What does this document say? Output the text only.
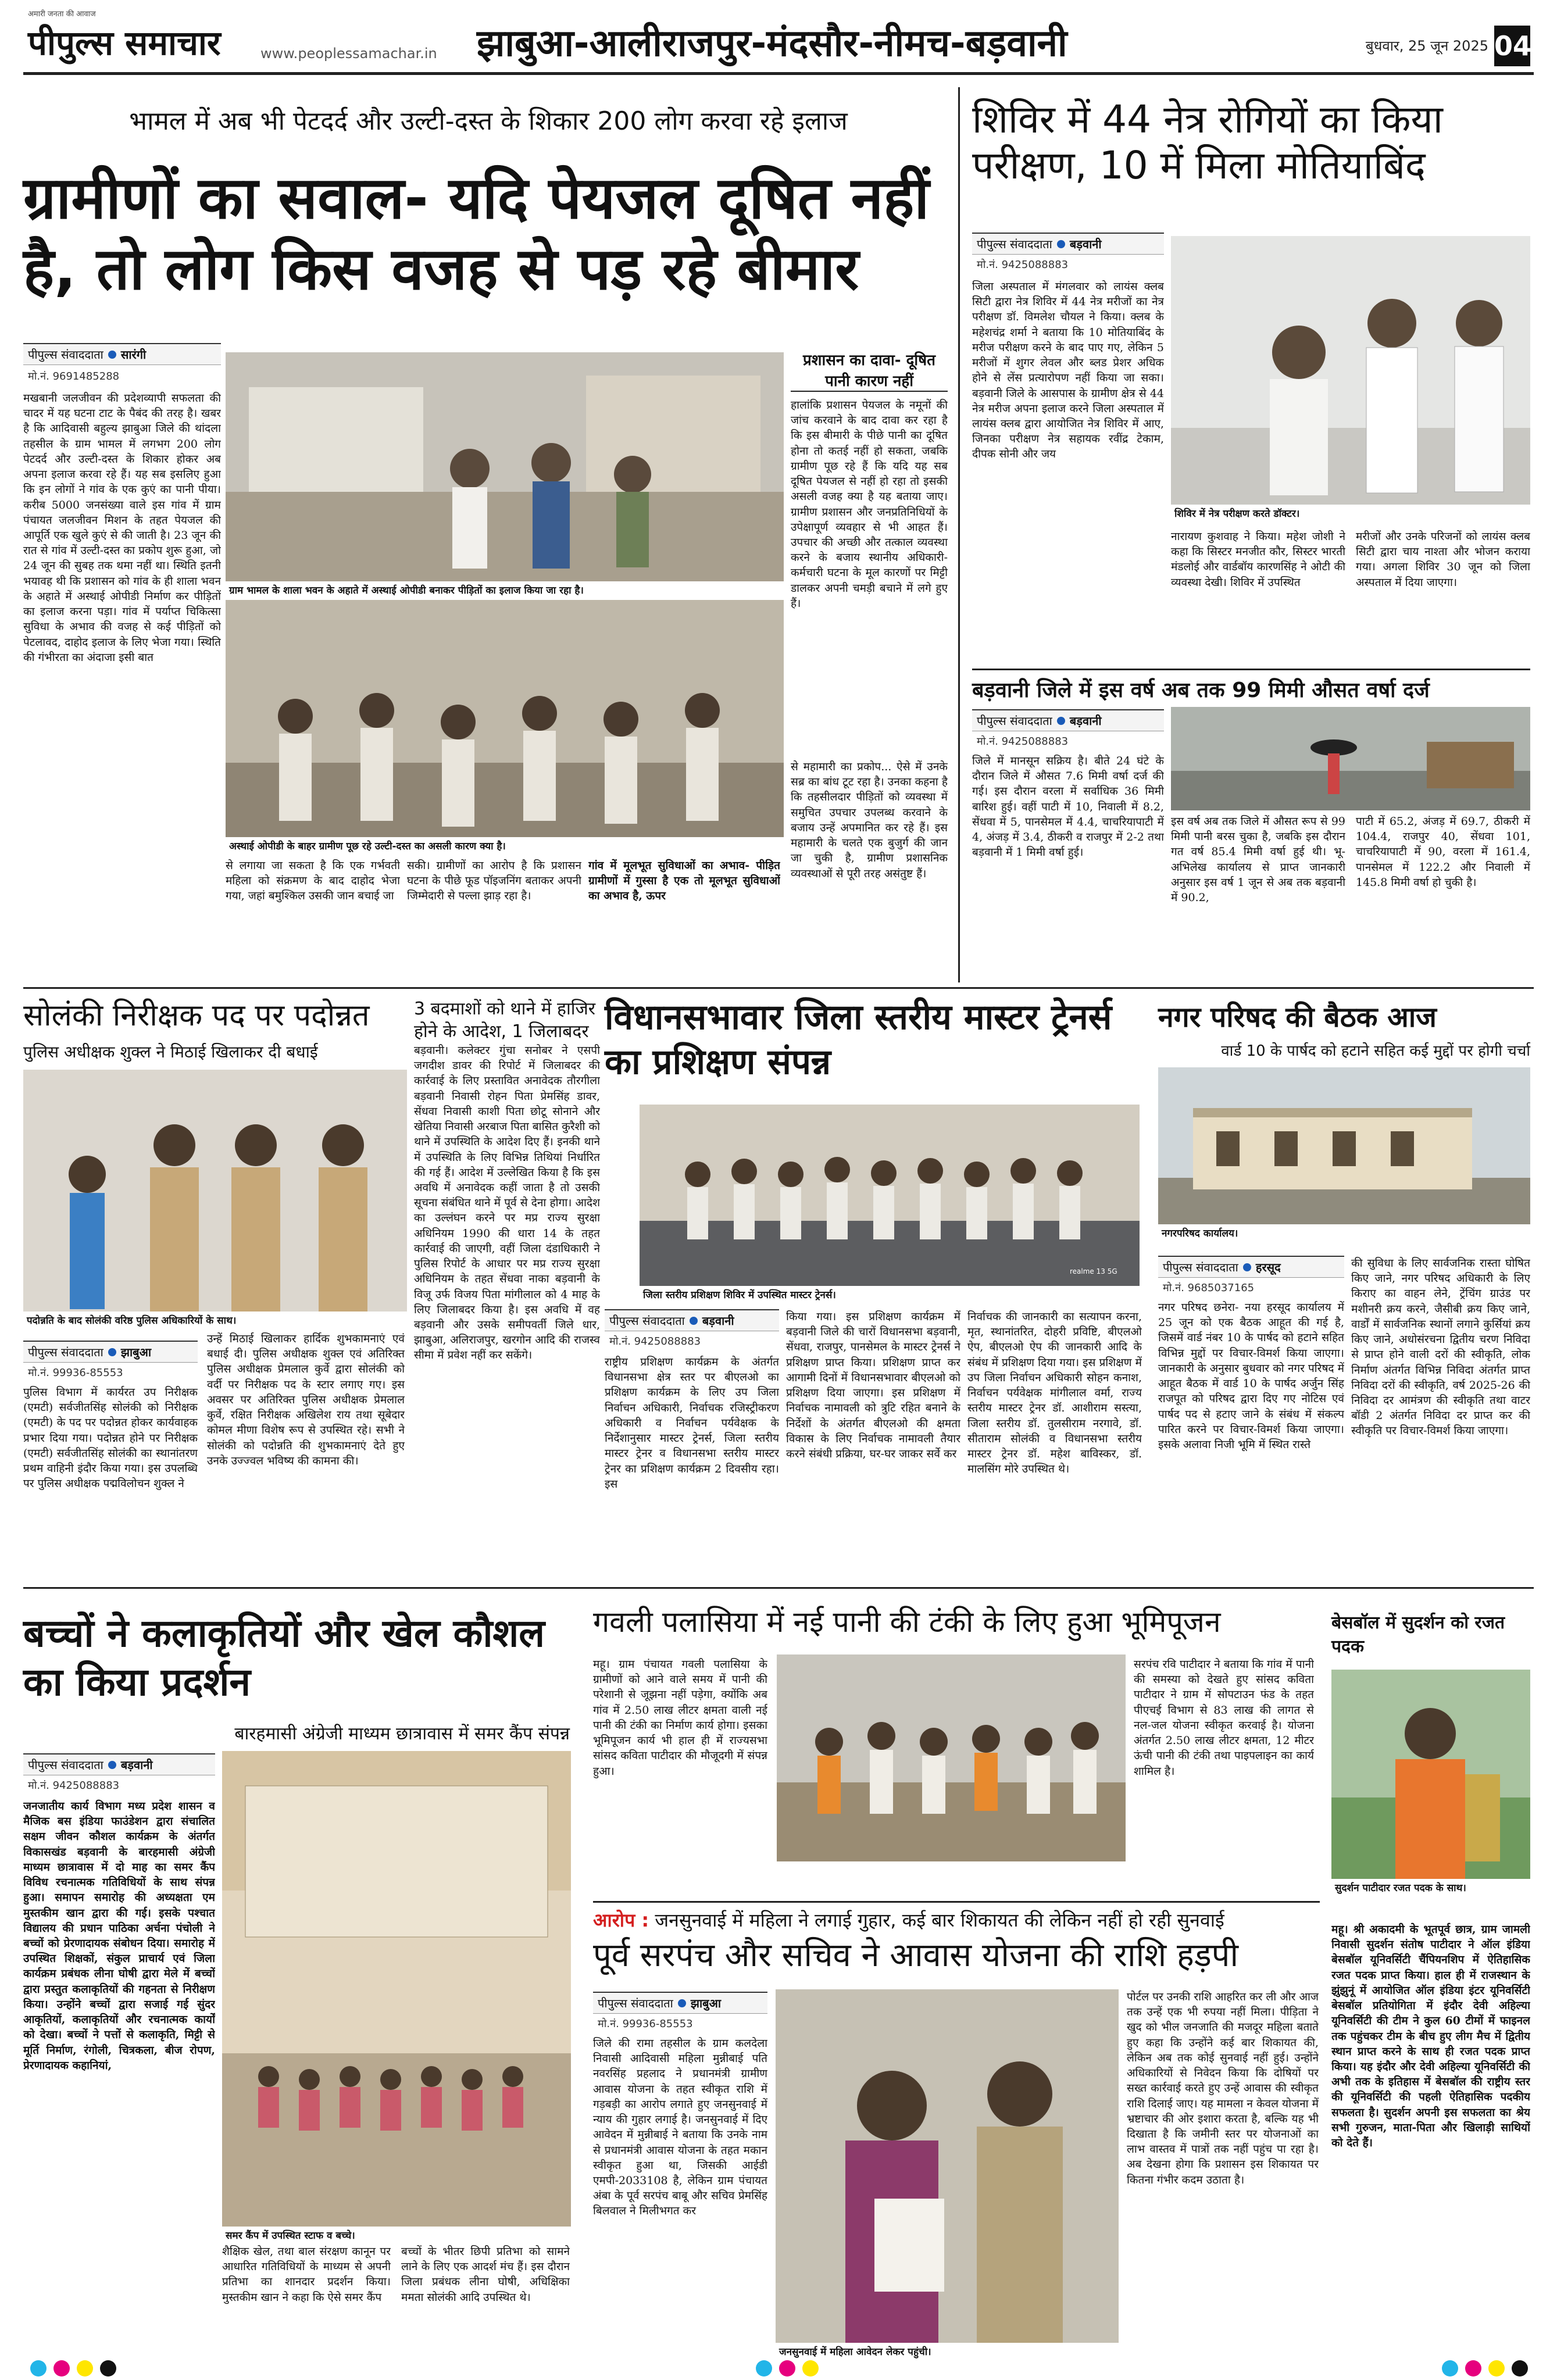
अमारी जनता की आवाज
पीपुल्स समाचार	www.peoplessamachar.in झाबुआ-आलीराजपुर-मंदसौर-नीमच-बड़वानी	बुधवार, 25 जून 2025 04
भामल में अब भी पेटदर्द और उल्टी-दस्त के शिकार 200 लोग करवा रहे इलाज
ग्रामीणों का सवाल- यदि पेयजल दूषित नहीं है, तो लोग किस वजह से पड़ रहे बीमार
पीपुल्स संवाददाता सारंगी
मो.नं. 9691485288
मखबानी जलजीवन की प्रदेशव्यापी सफलता की चादर में यह घटना टाट के पैबंद की तरह है। खबर है कि आदिवासी बहुल्य झाबुआ जिले की थांदला तहसील के ग्राम भामल में लगभग 200 लोग पेटदर्द और उल्टी-दस्त के शिकार होकर अब अपना इलाज करवा रहे हैं। यह सब इसलिए हुआ कि इन लोगों ने गांव के एक कुएं का पानी पीया। करीब 5000 जनसंख्या वाले इस गांव में ग्राम पंचायत जलजीवन मिशन के तहत पेयजल की आपूर्ति एक खुले कुएं से की जाती है। 23 जून की रात से गांव में उल्टी-दस्त का प्रकोप शुरू हुआ, जो 24 जून की सुबह तक थमा नहीं था। स्थिति इतनी भयावह थी कि प्रशासन को गांव के ही शाला भवन के अहाते में अस्थाई ओपीडी निर्माण कर पीड़ितों का इलाज करना पड़ा। गांव में पर्याप्त चिकित्सा सुविधा के अभाव की वजह से कई पीड़ितों को पेटलावद, दाहोद इलाज के लिए भेजा गया। स्थिति की गंभीरता का अंदाजा इसी बात
ग्राम भामल के शाला भवन के अहाते में अस्थाई ओपीडी बनाकर पीड़ितों का इलाज किया जा रहा है।
अस्थाई ओपीडी के बाहर ग्रामीण पूछ रहे उल्टी-दस्त का असली कारण क्या है।
से लगाया जा सकता है कि एक गर्भवती महिला को संक्रमण के बाद दाहोद भेजा गया, जहां बमुश्किल उसकी जान बचाई जा
सकी। ग्रामीणों का आरोप है कि प्रशासन घटना के पीछे फूड पॉइजनिंग बताकर अपनी जिम्मेदारी से पल्ला झाड़ रहा है।
गांव में मूलभूत सुविधाओं का अभाव- पीड़ित ग्रामीणों में गुस्सा है एक तो मूलभूत सुविधाओं का अभाव है, ऊपर
प्रशासन का दावा- दूषित पानी कारण नहीं
हालांकि प्रशासन पेयजल के नमूनों की जांच करवाने के बाद दावा कर रहा है कि इस बीमारी के पीछे पानी का दूषित होना तो कतई नहीं हो सकता, जबकि ग्रामीण पूछ रहे हैं कि यदि यह सब दूषित पेयजल से नहीं हो रहा तो इसकी असली वजह क्या है यह बताया जाए। ग्रामीण प्रशासन और जनप्रतिनिधियों के उपेक्षापूर्ण व्यवहार से भी आहत हैं। उपचार की अच्छी और तत्काल व्यवस्था करने के बजाय स्थानीय अधिकारी-कर्मचारी घटना के मूल कारणों पर मिट्टी डालकर अपनी चमड़ी बचाने में लगे हुए हैं।
से महामारी का प्रकोप... ऐसे में उनके सब्र का बांध टूट रहा है। उनका कहना है कि तहसीलदार पीड़ितों को व्यवस्था में समुचित उपचार उपलब्ध करवाने के बजाय उन्हें अपमानित कर रहे हैं। इस महामारी के चलते एक बुजुर्ग की जान जा चुकी है, ग्रामीण प्रशासनिक व्यवस्थाओं से पूरी तरह असंतुष्ट हैं।
शिविर में 44 नेत्र रोगियों का किया परीक्षण, 10 में मिला मोतियाबिंद
पीपुल्स संवाददाता बड़वानी
मो.नं. 9425088883
जिला अस्पताल में मंगलवार को लायंस क्लब सिटी द्वारा नेत्र शिविर में 44 नेत्र मरीजों का नेत्र परीक्षण डॉ. विमलेश चौयल ने किया। क्लब के महेशचंद्र शर्मा ने बताया कि 10 मोतियाबिंद के मरीज परीक्षण करने के बाद पाए गए, लेकिन 5 मरीजों में शुगर लेवल और ब्लड प्रेशर अधिक होने से लेंस प्रत्यारोपण नहीं किया जा सका। बड़वानी जिले के आसपास के ग्रामीण क्षेत्र से 44 नेत्र मरीज अपना इलाज करने जिला अस्पताल में लायंस क्लब द्वारा आयोजित नेत्र शिविर में आए, जिनका परीक्षण नेत्र सहायक रवींद्र टेकाम, दीपक सोनी और जय
शिविर में नेत्र परीक्षण करते डॉक्टर।
नारायण कुशवाह ने किया। महेश जोशी ने कहा कि सिस्टर मनजीत कौर, सिस्टर भारती मंडलोई और वार्डबॉय कारणसिंह ने ओटी की व्यवस्था देखी। शिविर में उपस्थित
मरीजों और उनके परिजनों को लायंस क्लब सिटी द्वारा चाय नाश्ता और भोजन कराया गया। अगला शिविर 30 जून को जिला अस्पताल में दिया जाएगा।
बड़वानी जिले में इस वर्ष अब तक 99 मिमी औसत वर्षा दर्ज
पीपुल्स संवाददाता बड़वानी
मो.नं. 9425088883
जिले में मानसून सक्रिय है। बीते 24 घंटे के दौरान जिले में औसत 7.6 मिमी वर्षा दर्ज की गई। इस दौरान वरला में सर्वाधिक 36 मिमी बारिश हुई। वहीं पाटी में 10, निवाली में 8.2, सेंधवा में 5, पानसेमल में 4.4, चाचरियापाटी में 4, अंजड़ में 3.4, ठीकरी व राजपुर में 2-2 तथा बड़वानी में 1 मिमी वर्षा हुई।
इस वर्ष अब तक जिले में औसत रूप से 99 मिमी पानी बरस चुका है, जबकि इस दौरान गत वर्ष 85.4 मिमी वर्षा हुई थी। भू-अभिलेख कार्यालय से प्राप्त जानकारी अनुसार इस वर्ष 1 जून से अब तक बड़वानी में 90.2,
पाटी में 65.2, अंजड़ में 69.7, ठीकरी में 104.4, राजपुर 40, सेंधवा 101, चाचरियापाटी में 90, वरला में 161.4, पानसेमल में 122.2 और निवाली में 145.8 मिमी वर्षा हो चुकी है।
सोलंकी निरीक्षक पद पर पदोन्नत
पुलिस अधीक्षक शुक्ल ने मिठाई खिलाकर दी बधाई
पदोन्नति के बाद सोलंकी वरिष्ठ पुलिस अधिकारियों के साथ।
पीपुल्स संवाददाता झाबुआ
मो.नं. 99936-85553
पुलिस विभाग में कार्यरत उप निरीक्षक (एमटी) सर्वजीतसिंह सोलंकी को निरीक्षक (एमटी) के पद पर पदोन्नत होकर कार्यवाहक प्रभार दिया गया। पदोन्नत होने पर निरीक्षक (एमटी) सर्वजीतसिंह सोलंकी का स्थानांतरण प्रथम वाहिनी इंदौर किया गया। इस उपलब्धि पर पुलिस अधीक्षक पद्मविलोचन शुक्ल ने
उन्हें मिठाई खिलाकर हार्दिक शुभकामनाएं एवं बधाई दी। पुलिस अधीक्षक शुक्ल एवं अतिरिक्त पुलिस अधीक्षक प्रेमलाल कुर्वे द्वारा सोलंकी को वर्दी पर निरीक्षक पद के स्टार लगाए गए। इस अवसर पर अतिरिक्त पुलिस अधीक्षक प्रेमलाल कुर्वे, रक्षित निरीक्षक अखिलेश राय तथा सूबेदार कोमल मीणा विशेष रूप से उपस्थित रहे। सभी ने सोलंकी को पदोन्नति की शुभकामनाएं देते हुए उनके उज्ज्वल भविष्य की कामना की।
3 बदमाशों को थाने में हाजिर होने के आदेश, 1 जिलाबदर
बड़वानी। कलेक्टर गुंचा सनोबर ने एसपी जगदीश डावर की रिपोर्ट में जिलाबदर की कार्रवाई के लिए प्रस्तावित अनावेदक तौरगीला बड़वानी निवासी रोहन पिता प्रेमसिंह डावर, सेंधवा निवासी काशी पिता छोटू सोनाने और खेतिया निवासी अरबाज पिता बासित कुरैशी को थाने में उपस्थिति के आदेश दिए हैं। इनकी थाने में उपस्थिति के लिए विभिन्न तिथियां निर्धारित की गई हैं। आदेश में उल्लेखित किया है कि इस अवधि में अनावेदक कहीं जाता है तो उसकी सूचना संबंधित थाने में पूर्व से देना होगा। आदेश का उल्लंघन करने पर मप्र राज्य सुरक्षा अधिनियम 1990 की धारा 14 के तहत कार्रवाई की जाएगी, वहीं जिला दंडाधिकारी ने पुलिस रिपोर्ट के आधार पर मप्र राज्य सुरक्षा अधिनियम के तहत सेंधवा नाका बड़वानी के विजू उर्फ विजय पिता मांगीलाल को 4 माह के लिए जिलाबदर किया है। इस अवधि में वह बड़वानी और उसके समीपवर्ती जिले धार, झाबुआ, अलिराजपुर, खरगोन आदि की राजस्व सीमा में प्रवेश नहीं कर सकेंगे।
विधानसभावार जिला स्तरीय मास्टर ट्रेनर्स का प्रशिक्षण संपन्न
realme 13 5G
जिला स्तरीय प्रशिक्षण शिविर में उपस्थित मास्टर ट्रेनर्स।
पीपुल्स संवाददाता बड़वानी
मो.नं. 9425088883
राष्ट्रीय प्रशिक्षण कार्यक्रम के अंतर्गत विधानसभा क्षेत्र स्तर पर बीएलओ का प्रशिक्षण कार्यक्रम के लिए उप जिला निर्वाचन अधिकारी, निर्वाचक रजिस्ट्रीकरण अधिकारी व निर्वाचन पर्यवेक्षक के निर्देशानुसार मास्टर ट्रेनर्स, जिला स्तरीय मास्टर ट्रेनर व विधानसभा स्तरीय मास्टर ट्रेनर का प्रशिक्षण कार्यक्रम 2 दिवसीय रहा। इस
किया गया। इस प्रशिक्षण कार्यक्रम में बड़वानी जिले की चारों विधानसभा बड़वानी, सेंधवा, राजपुर, पानसेमल के मास्टर ट्रेनर्स ने प्रशिक्षण प्राप्त किया। प्रशिक्षण प्राप्त कर आगामी दिनों में विधानसभावार बीएलओ को प्रशिक्षण दिया जाएगा। इस प्रशिक्षण में निर्वाचक नामावली को त्रुटि रहित बनाने के निर्देशों के अंतर्गत बीएलओ की क्षमता विकास के लिए निर्वाचक नामावली तैयार करने संबंधी प्रक्रिया, घर-घर जाकर सर्वे कर
निर्वाचक की जानकारी का सत्यापन करना, मृत, स्थानांतरित, दोहरी प्रविष्टि, बीएलओ ऐप, बीएलओ ऐप की जानकारी आदि के संबंध में प्रशिक्षण दिया गया। इस प्रशिक्षण में उप जिला निर्वाचन अधिकारी सोहन कनाश, निर्वाचन पर्यवेक्षक मांगीलाल वर्मा, राज्य स्तरीय मास्टर ट्रेनर डॉ. आशीराम सस्त्या, जिला स्तरीय डॉ. तुलसीराम नरगावे, डॉ. सीताराम सोलंकी व विधानसभा स्तरीय मास्टर ट्रेनर डॉ. महेश बाविस्कर, डॉ. मालसिंग मोरे उपस्थित थे।
नगर परिषद की बैठक आज
वार्ड 10 के पार्षद को हटाने सहित कई मुद्दों पर होगी चर्चा
नगरपरिषद कार्यालय।
पीपुल्स संवाददाता हरसूद
मो.नं. 9685037165
नगर परिषद छनेरा- नया हरसूद कार्यालय में 25 जून को एक बैठक आहूत की गई है, जिसमें वार्ड नंबर 10 के पार्षद को हटाने सहित विभिन्न मुद्दों पर विचार-विमर्श किया जाएगा। जानकारी के अनुसार बुधवार को नगर परिषद में आहूत बैठक में वार्ड 10 के पार्षद अर्जुन सिंह राजपूत को परिषद द्वारा दिए गए नोटिस एवं पार्षद पद से हटाए जाने के संबंध में संकल्प पारित करने पर विचार-विमर्श किया जाएगा। इसके अलावा निजी भूमि में स्थित रास्ते
की सुविधा के लिए सार्वजनिक रास्ता घोषित किए जाने, नगर परिषद अधिकारी के लिए किराए का वाहन लेने, ट्रेंचिंग ग्राउंड पर मशीनरी क्रय करने, जैसीबी क्रय किए जाने, वार्डों में सार्वजनिक स्थानों लगाने कुर्सियां क्रय किए जाने, अधोसंरचना द्वितीय चरण निविदा से प्राप्त होने वाली दरों की स्वीकृति, लोक निर्माण अंतर्गत विभिन्न निविदा अंतर्गत प्राप्त निविदा दरों की स्वीकृति, वर्ष 2025-26 की निविदा दर आमंत्रण की स्वीकृति तथा वाटर बॉडी 2 अंतर्गत निविदा दर प्राप्त कर की स्वीकृति पर विचार-विमर्श किया जाएगा।
बच्चों ने कलाकृतियों और खेल कौशल का किया प्रदर्शन
बारहमासी अंग्रेजी माध्यम छात्रावास में समर कैंप संपन्न
पीपुल्स संवाददाता बड़वानी
मो.नं. 9425088883
जनजातीय कार्य विभाग मध्य प्रदेश शासन व मैजिक बस इंडिया फाउंडेशन द्वारा संचालित सक्षम जीवन कौशल कार्यक्रम के अंतर्गत विकासखंड बड़वानी के बारहमासी अंग्रेजी माध्यम छात्रावास में दो माह का समर कैंप विविध रचनात्मक गतिविधियों के साथ संपन्न हुआ। समापन समारोह की अध्यक्षता एम मुस्तकीम खान द्वारा की गई। इसके पश्चात विद्यालय की प्रधान पाठिका अर्चना पंचोली ने बच्चों को प्रेरणादायक संबोधन दिया। समारोह में उपस्थित शिक्षकों, संकुल प्राचार्य एवं जिला कार्यक्रम प्रबंधक लीना घोषी द्वारा मेले में बच्चों द्वारा प्रस्तुत कलाकृतियों की गहनता से निरीक्षण किया। उन्होंने बच्चों द्वारा सजाई गई सुंदर आकृतियों, कलाकृतियों और रचनात्मक कार्यों को देखा। बच्चों ने पत्तों से कलाकृति, मिट्टी से मूर्ति निर्माण, रंगोली, चित्रकला, बीज रोपण, प्रेरणादायक कहानियां,
समर कैंप में उपस्थित स्टाफ व बच्चे।
शैक्षिक खेल, तथा बाल संरक्षण कानून पर आधारित गतिविधियों के माध्यम से अपनी प्रतिभा का शानदार प्रदर्शन किया। मुस्तकीम खान ने कहा कि ऐसे समर कैंप
बच्चों के भीतर छिपी प्रतिभा को सामने लाने के लिए एक आदर्श मंच हैं। इस दौरान जिला प्रबंधक लीना घोषी, अधिक्षिका ममता सोलंकी आदि उपस्थित थे।
गवली पलासिया में नई पानी की टंकी के लिए हुआ भूमिपूजन
महू। ग्राम पंचायत गवली पलासिया के ग्रामीणों को आने वाले समय में पानी की परेशानी से जूझना नहीं पड़ेगा, क्योंकि अब गांव में 2.50 लाख लीटर क्षमता वाली नई पानी की टंकी का निर्माण कार्य होगा। इसका भूमिपूजन कार्य भी हाल ही में राज्यसभा सांसद कविता पाटीदार की मौजूदगी में संपन्न हुआ।
सरपंच रवि पाटीदार ने बताया कि गांव में पानी की समस्या को देखते हुए सांसद कविता पाटीदार ने ग्राम में सोपटाउन फंड के तहत पीएचई विभाग से 83 लाख की लागत से नल-जल योजना स्वीकृत करवाई है। योजना अंतर्गत 2.50 लाख लीटर क्षमता, 12 मीटर ऊंची पानी की टंकी तथा पाइपलाइन का कार्य शामिल है।
बेसबॉल में सुदर्शन को रजत पदक
सुदर्शन पाटीदार रजत पदक के साथ।
महू। श्री अकादमी के भूतपूर्व छात्र, ग्राम जामली निवासी सुदर्शन संतोष पाटीदार ने ऑल इंडिया बेसबॉल यूनिवर्सिटी चैंपियनशिप में ऐतिहासिक रजत पदक प्राप्त किया। हाल ही में राजस्थान के झुंझुनूं में आयोजित ऑल इंडिया इंटर यूनिवर्सिटी बेसबॉल प्रतियोगिता में इंदौर देवी अहिल्या यूनिवर्सिटी की टीम ने कुल 60 टीमों में फाइनल तक पहुंचकर टीम के बीच हुए लीग मैच में द्वितीय स्थान प्राप्त करने के साथ ही रजत पदक प्राप्त किया। यह इंदौर और देवी अहिल्या यूनिवर्सिटी की अभी तक के इतिहास में बेसबॉल की राष्ट्रीय स्तर की यूनिवर्सिटी की पहली ऐतिहासिक पदकीय सफलता है। सुदर्शन अपनी इस सफलता का श्रेय सभी गुरुजन, माता-पिता और खिलाड़ी साथियों को देते हैं।
आरोप : जनसुनवाई में महिला ने लगाई गुहार, कई बार शिकायत की लेकिन नहीं हो रही सुनवाई
पूर्व सरपंच और सचिव ने आवास योजना की राशि हड़पी
पीपुल्स संवाददाता झाबुआ
मो.नं. 99936-85553
जिले की रामा तहसील के ग्राम कलदेला निवासी आदिवासी महिला मुन्नीबाई पति नवरसिंह प्रहलाद ने प्रधानमंत्री ग्रामीण आवास योजना के तहत स्वीकृत राशि में गड़बड़ी का आरोप लगाते हुए जनसुनवाई में न्याय की गुहार लगाई है। जनसुनवाई में दिए आवेदन में मुन्नीबाई ने बताया कि उनके नाम से प्रधानमंत्री आवास योजना के तहत मकान स्वीकृत हुआ था, जिसकी आईडी एमपी-2033108 है, लेकिन ग्राम पंचायत अंबा के पूर्व सरपंच बाबू और सचिव प्रेमसिंह बिलवाल ने मिलीभगत कर
जनसुनवाई में महिला आवेदन लेकर पहुंची।
पोर्टल पर उनकी राशि आहरित कर ली और आज तक उन्हें एक भी रुपया नहीं मिला। पीड़िता ने खुद को भील जनजाति की मजदूर महिला बताते हुए कहा कि उन्होंने कई बार शिकायत की, लेकिन अब तक कोई सुनवाई नहीं हुई। उन्होंने अधिकारियों से निवेदन किया कि दोषियों पर सख्त कार्रवाई करते हुए उन्हें आवास की स्वीकृत राशि दिलाई जाए। यह मामला न केवल योजना में भ्रष्टाचार की ओर इशारा करता है, बल्कि यह भी दिखाता है कि जमीनी स्तर पर योजनाओं का लाभ वास्तव में पात्रों तक नहीं पहुंच पा रहा है। अब देखना होगा कि प्रशासन इस शिकायत पर कितना गंभीर कदम उठाता है।
